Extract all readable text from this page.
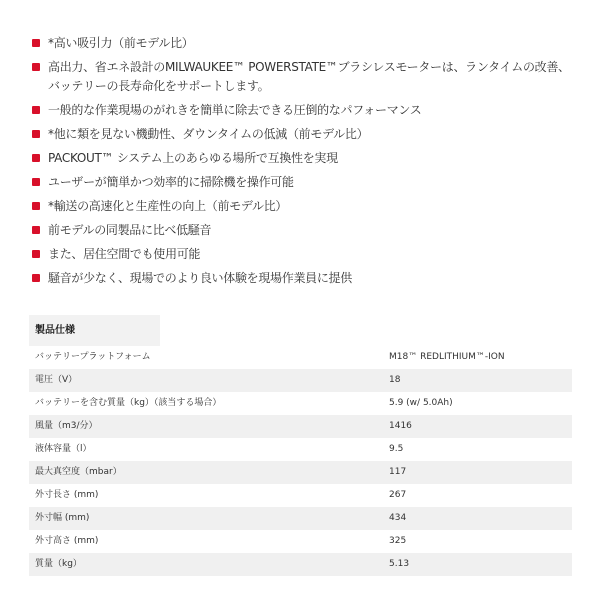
*高い吸引力（前モデル比）
高出力、省エネ設計のMILWAUKEE™ POWERSTATE™ブラシレスモーターは、ランタイムの改善、バッテリーの長寿命化をサポートします。
一般的な作業現場のがれきを簡単に除去できる圧倒的なパフォーマンス
*他に類を見ない機動性、ダウンタイムの低減（前モデル比）
PACKOUT™ システム上のあらゆる場所で互換性を実現
ユーザーが簡単かつ効率的に掃除機を操作可能
*輸送の高速化と生産性の向上（前モデル比）
前モデルの同製品に比べ低騒音
また、居住空間でも使用可能
騒音が少なく、現場でのより良い体験を現場作業員に提供
製品仕様
バッテリープラットフォーム	M18™ REDLITHIUM™-ION
電圧（V）	18
バッテリーを含む質量（kg）（該当する場合）	5.9 (w/ 5.0Ah)
風量（m3/分）	1416
液体容量（l）	9.5
最大真空度（mbar）	117
外寸長さ (mm)	267
外寸幅 (mm)	434
外寸高さ (mm)	325
質量（kg）	5.13
